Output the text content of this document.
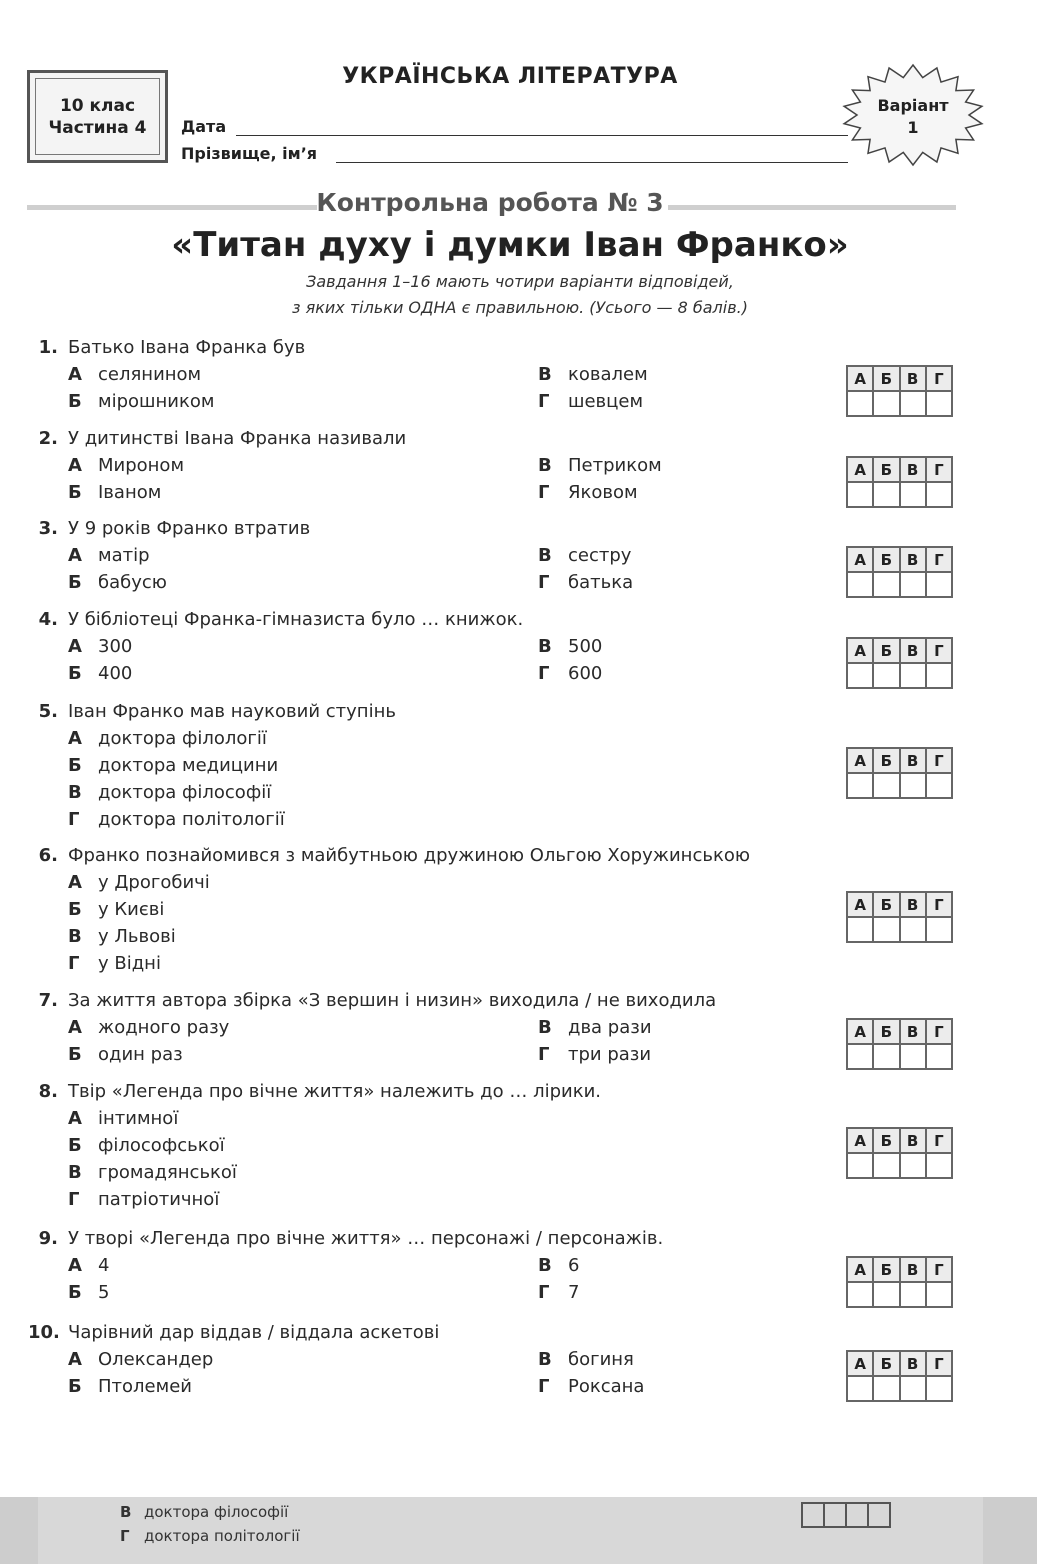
10 клас
Частина 4
УКРАЇНСЬКА ЛІТЕРАТУРА
Дата
Прізвище, ім’я
Варіант
1
Контрольна робота № 3
«Титан духу і думки Іван Франко»
Завдання 1–16 мають чотири варіанти відповідей,
з яких тільки ОДНА є правильною. (Усього — 8 балів.)
1. Батько Івана Франка був
А селянином
Б мірошником
В ковалем
Г шевцем
А	Б	В	Г

2. У дитинстві Івана Франка називали
А Мироном
Б Іваном
В Петриком
Г Яковом
А	Б	В	Г

3. У 9 років Франко втратив
А матір
Б бабусю
В сестру
Г батька
А	Б	В	Г

4. У бібліотеці Франка-гімназиста було … книжок.
А 300
Б 400
В 500
Г 600
А	Б	В	Г

5. Іван Франко мав науковий ступінь
А доктора філології
Б доктора медицини
В доктора філософії
Г доктора політології
А	Б	В	Г

6. Франко познайомився з майбутньою дружиною Ольгою Хоружинською
А у Дрогобичі
Б у Києві
В у Львові
Г у Відні
А	Б	В	Г

7. За життя автора збірка «З вершин і низин» виходила / не виходила
А жодного разу
Б один раз
В два рази
Г три рази
А	Б	В	Г

8. Твір «Легенда про вічне життя» належить до … лірики.
А інтимної
Б філософської
В громадянської
Г патріотичної
А	Б	В	Г

9. У творі «Легенда про вічне життя» … персонажі / персонажів.
А 4
Б 5
В 6
Г 7
А	Б	В	Г

10. Чарівний дар віддав / віддала аскетові
А Олександер
Б Птолемей
В богиня
Г Роксана
А	Б	В	Г

В доктора філософії
Г доктора політології
